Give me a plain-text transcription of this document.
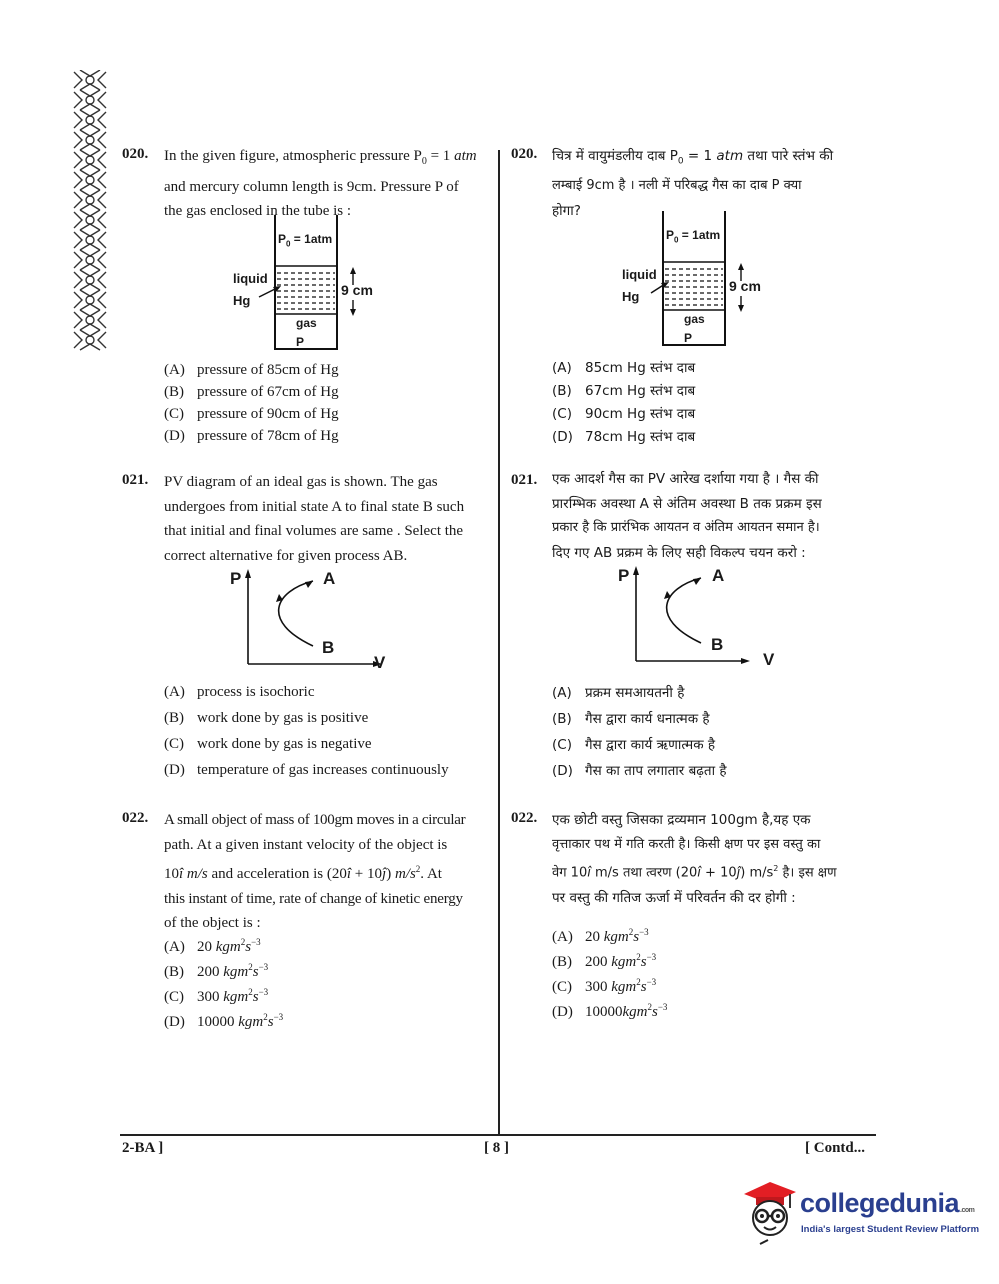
020. In the given figure, atmospheric pressure $P_0 = 1$ atm
and mercury column length is 9cm. Pressure P of
the gas enclosed in the tube is :
$P_0 = 1atm$
liquid
Hg
9 cm
gas
P
(A) pressure of 85cm of Hg
(B) pressure of 67cm of Hg
(C) pressure of 90cm of Hg
(D) pressure of 78cm of Hg
020. चित्र में वायुमंडलीय दाब $P_0 = 1$ atm तथा पारे स्तंभ की
लम्बाई 9cm है । नली में परिबद्ध गैस का दाब P क्या
होगा?
$P_0 = 1atm$
liquid
Hg
9 cm
gas
P
(A) 85cm Hg स्तंभ दाब
(B) 67cm Hg स्तंभ दाब
(C) 90cm Hg स्तंभ दाब
(D) 78cm Hg स्तंभ दाब
021. PV diagram of an ideal gas is shown. The gas
undergoes from initial state A to final state B such
that initial and final volumes are same . Select the
correct alternative for given process AB.
P	A
B
V
(A) process is isochoric
(B) work done by gas is positive
(C) work done by gas is negative
(D) temperature of gas increases continuously
021. एक आदर्श गैस का PV आरेख दर्शाया गया है । गैस की
प्रारम्भिक अवस्था A से अंतिम अवस्था B तक प्रक्रम इस
प्रकार है कि प्रारंभिक आयतन व अंतिम आयतन समान है।
दिए गए AB प्रक्रम के लिए सही विकल्प चयन करो :
P	A
B
V
(A) प्रक्रम समआयतनी है
(B) गैस द्वारा कार्य धनात्मक है
(C) गैस द्वारा कार्य ऋणात्मक है
(D) गैस का ताप लगातार बढ़ता है
022. A small object of mass of 100gm moves in a circular
path. At a given instant velocity of the object is
10î m/s and acceleration is (20î + 10ĵ) $m/s^2$. At
this instant of time, rate of change of kinetic energy
of the object is :
(A) 20 $kgm^2s^{-3}$
(B) 200 $kgm^2s^{-3}$
(C) 300 $kgm^2s^{-3}$
(D) 10000 $kgm^2s^{-3}$
022. एक छोटी वस्तु जिसका द्रव्यमान 100gm है,यह एक
वृत्ताकार पथ में गति करती है। किसी क्षण पर इस वस्तु का
वेग 10î m/s तथा त्वरण (20î + 10ĵ) $m/s^2$ है। इस क्षण
पर वस्तु की गतिज ऊर्जा में परिवर्तन की दर होगी :
(A) 20 $kgm^2s^{-3}$
(B) 200 $kgm^2s^{-3}$
(C) 300 $kgm^2s^{-3}$
(D) $10000kgm^2s^{-3}$
2-BA ]	[ 8 ]	[ Contd...
collegedunia.com
India's largest Student Review Platform
